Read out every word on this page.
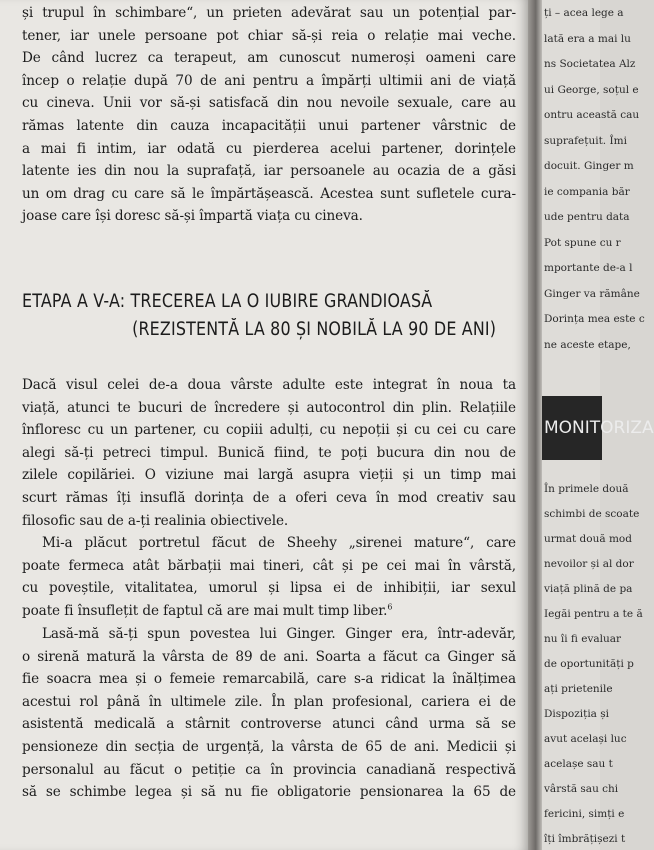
și trupul în schimbare“, un prieten adevărat sau un potențial par-

tener, iar unele persoane pot chiar să-și reia o relație mai veche.

De când lucrez ca terapeut, am cunoscut numeroși oameni care

încep o relație după 70 de ani pentru a împărți ultimii ani de viață

cu cineva. Unii vor să-și satisfacă din nou nevoile sexuale, care au

rămas latente din cauza incapacității unui partener vârstnic de

a mai fi intim, iar odată cu pierderea acelui partener, dorințele

latente ies din nou la suprafață, iar persoanele au ocazia de a găsi

un om drag cu care să le împărtășească. Acestea sunt sufletele cura-

joase care își doresc să-și împartă viața cu cineva.

ETAPA A V-A: TRECEREA LA O IUBIRE GRANDIOASĂ
(REZISTENTĂ LA 80 ȘI NOBILĂ LA 90 DE ANI)

Dacă visul celei de-a doua vârste adulte este integrat în noua ta

viață, atunci te bucuri de încredere și autocontrol din plin. Relațiile

înfloresc cu un partener, cu copiii adulți, cu nepoții și cu cei cu care

alegi să-ți petreci timpul. Bunică fiind, te poți bucura din nou de

zilele copilăriei. O viziune mai largă asupra vieții și un timp mai

scurt rămas îți insuflă dorința de a oferi ceva în mod creativ sau

filosofic sau de a-ți realinia obiectivele.

Mi-a plăcut portretul făcut de Sheehy „sirenei mature“, care

poate fermeca atât bărbații mai tineri, cât și pe cei mai în vârstă,

cu poveștile, vitalitatea, umorul și lipsa ei de inhibiții, iar sexul

poate fi însuflețit de faptul că are mai mult timp liber.$^6$

Lasă-mă să-ți spun povestea lui Ginger. Ginger era, într-adevăr,

o sirenă matură la vârsta de 89 de ani. Soarta a făcut ca Ginger să

fie soacra mea și o femeie remarcabilă, care s-a ridicat la înălțimea

acestui rol până în ultimele zile. În plan profesional, cariera ei de

asistentă medicală a stârnit controverse atunci când urma să se

pensioneze din secția de urgență, la vârsta de 65 de ani. Medicii și

personalul au făcut o petiție ca în provincia canadiană respectivă

să se schimbe legea și să nu fie obligatorie pensionarea la 65 de

ți – acea lege a
lată era a mai lu
ns Societatea Alz
ui George, soțul e
ontru această cau
suprafețuit. Îmi
docuit. Ginger m
ie compania băr
ude pentru data
Pot spune cu r
mportante de-a l
Ginger va rămâne
Dorința mea este c
ne aceste etape,
MONITORIZA
În primele două
schimbi de scoate
urmat două mod
nevoilor și al dor
viață plină de pa
Iegăi pentru a te ă
nu îi fi evaluar
de oportunități p
ați prietenile
Dispoziția și
avut același luc
acelașe sau t
vârstă sau chi
fericini, simți e
îți îmbrățișezi t
